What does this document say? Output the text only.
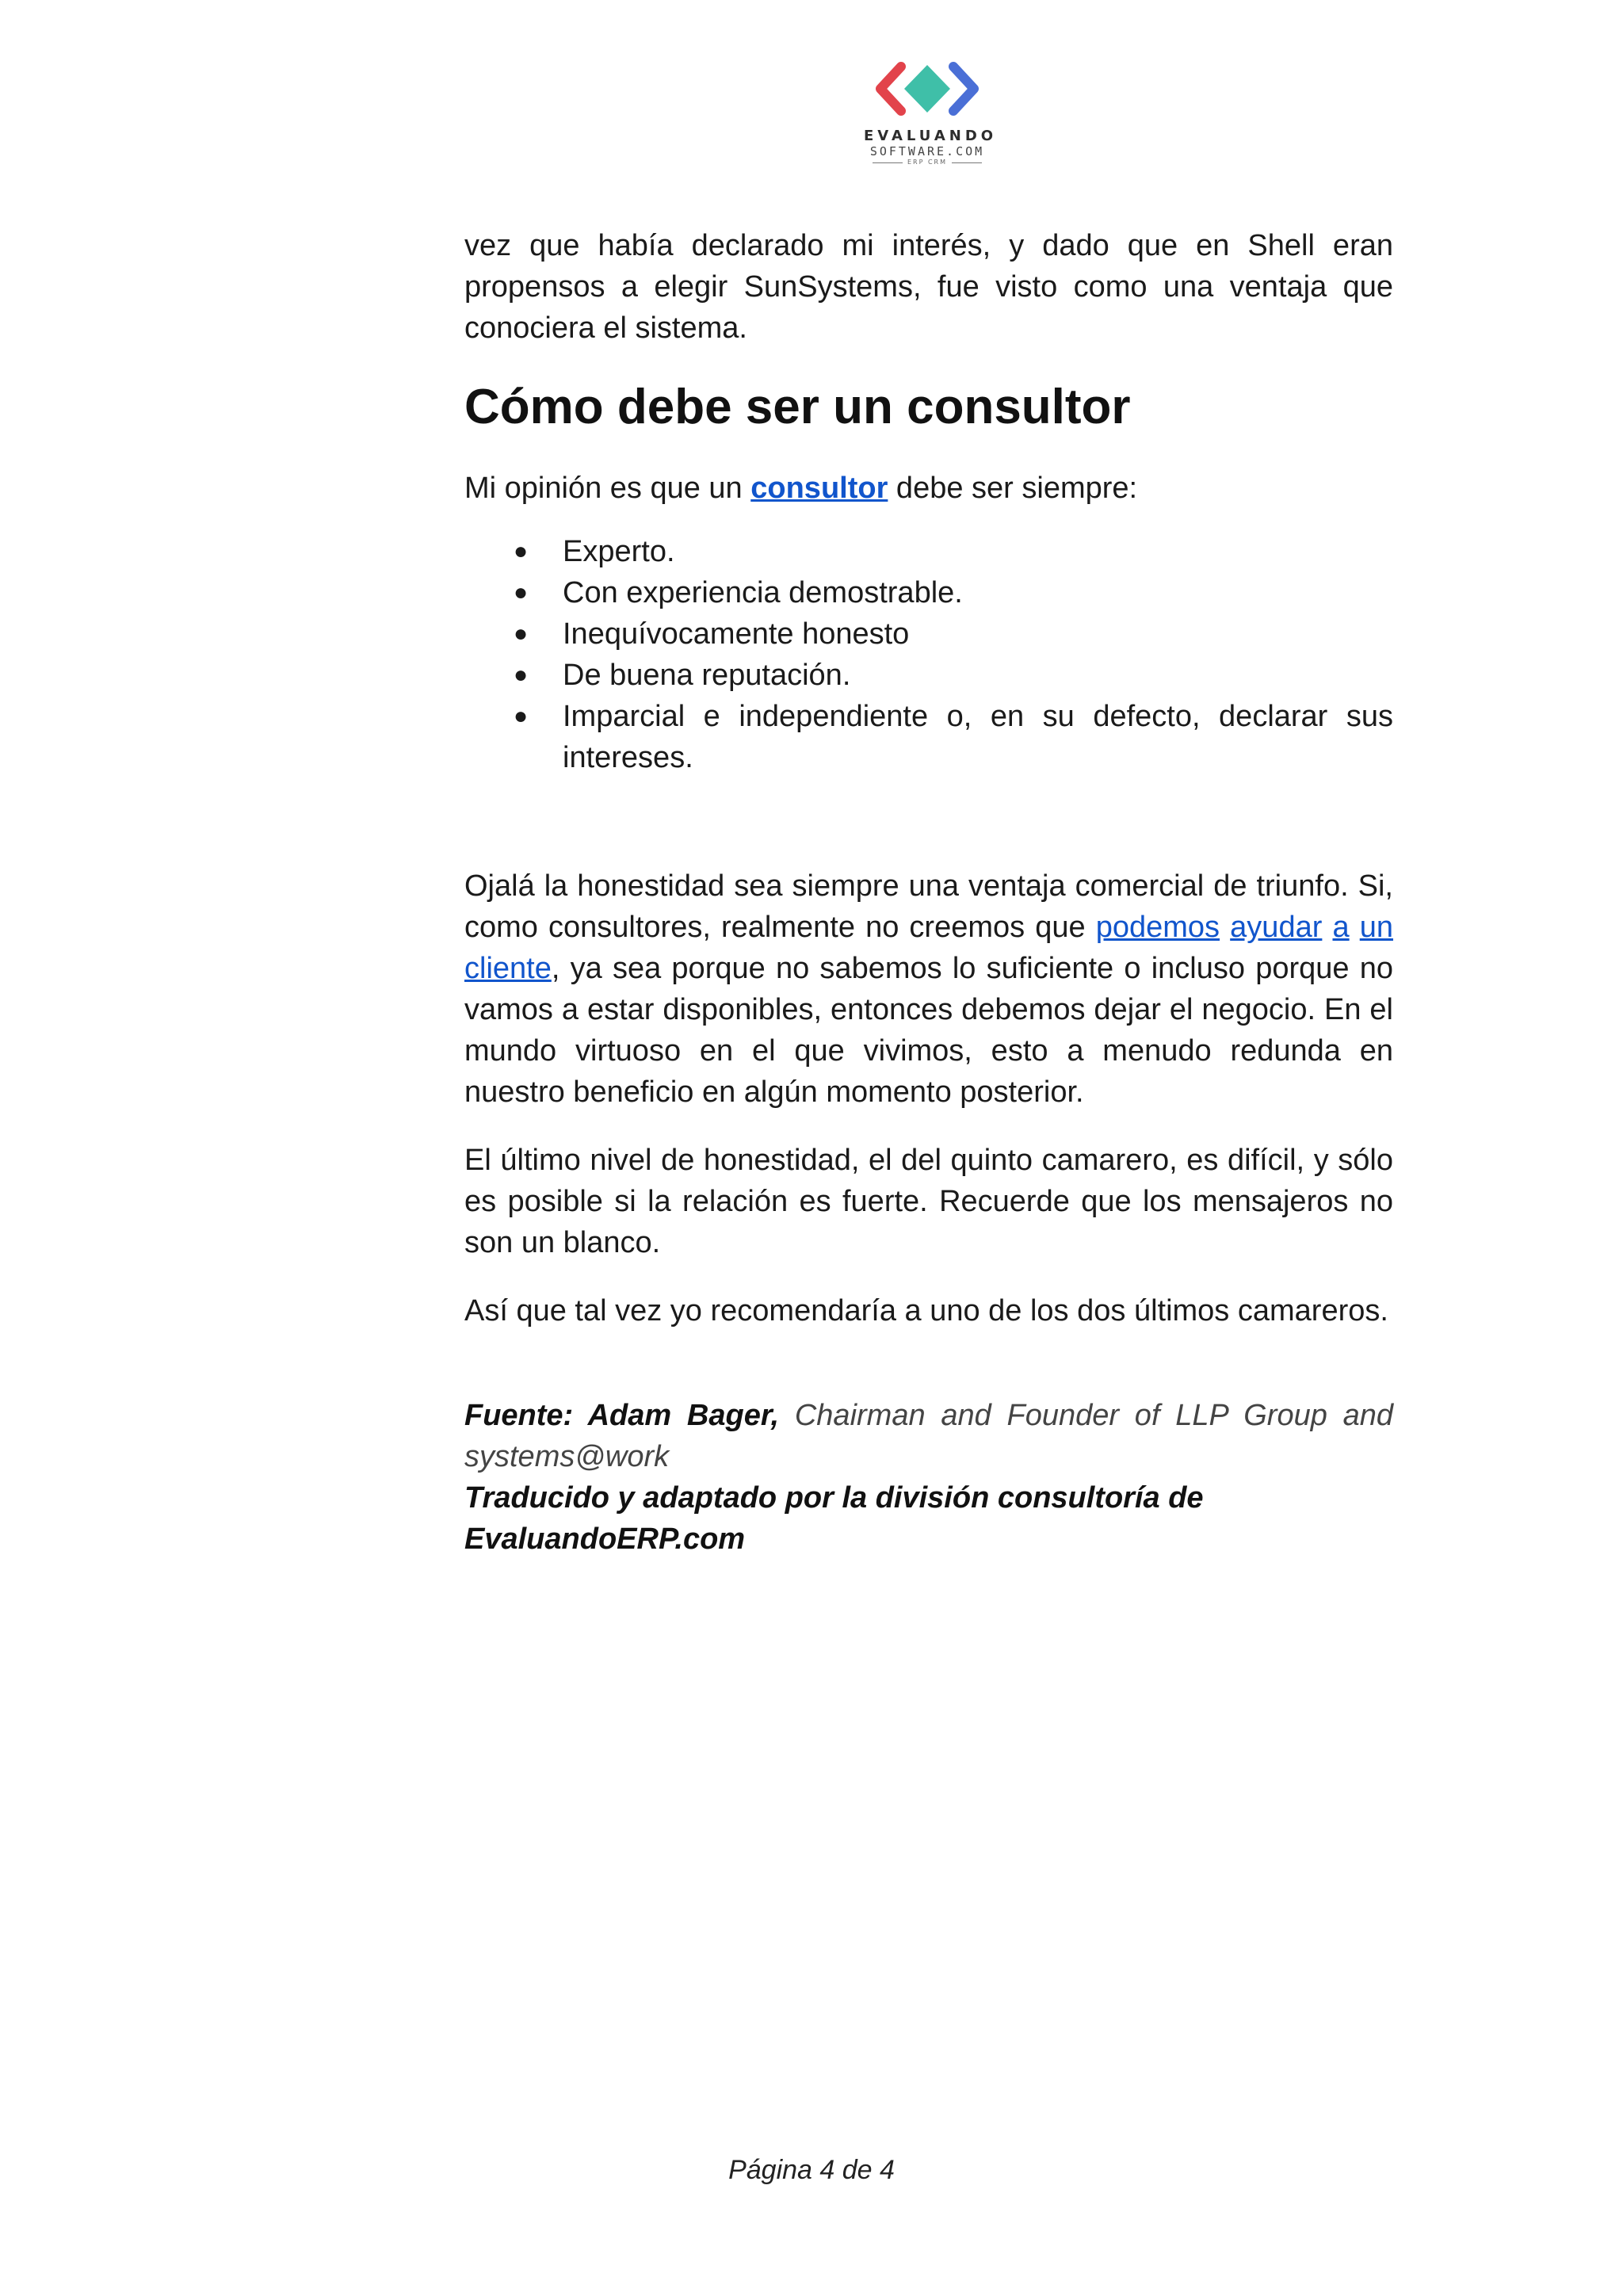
EVALUANDO
SOFTWARE.COM
ERP CRM

vez que había declarado mi interés, y dado que en Shell eran propensos a elegir SunSystems, fue visto como una ventaja que conociera el sistema.

Cómo debe ser un consultor

Mi opinión es que un consultor debe ser siempre:

● Experto.
● Con experiencia demostrable.
● Inequívocamente honesto
● De buena reputación.
● Imparcial e independiente o, en su defecto, declarar sus intereses.

Ojalá la honestidad sea siempre una ventaja comercial de triunfo. Si, como consultores, realmente no creemos que podemos ayudar a un cliente, ya sea porque no sabemos lo suficiente o incluso porque no vamos a estar disponibles, entonces debemos dejar el negocio. En el mundo virtuoso en el que vivimos, esto a menudo redunda en nuestro beneficio en algún momento posterior.

El último nivel de honestidad, el del quinto camarero, es difícil, y sólo es posible si la relación es fuerte. Recuerde que los mensajeros no son un blanco.

Así que tal vez yo recomendaría a uno de los dos últimos camareros.

Fuente: Adam Bager, Chairman and Founder of LLP Group and systems@work
Traducido y adaptado por la división consultoría de EvaluandoERP.com
Página 4 de 4
